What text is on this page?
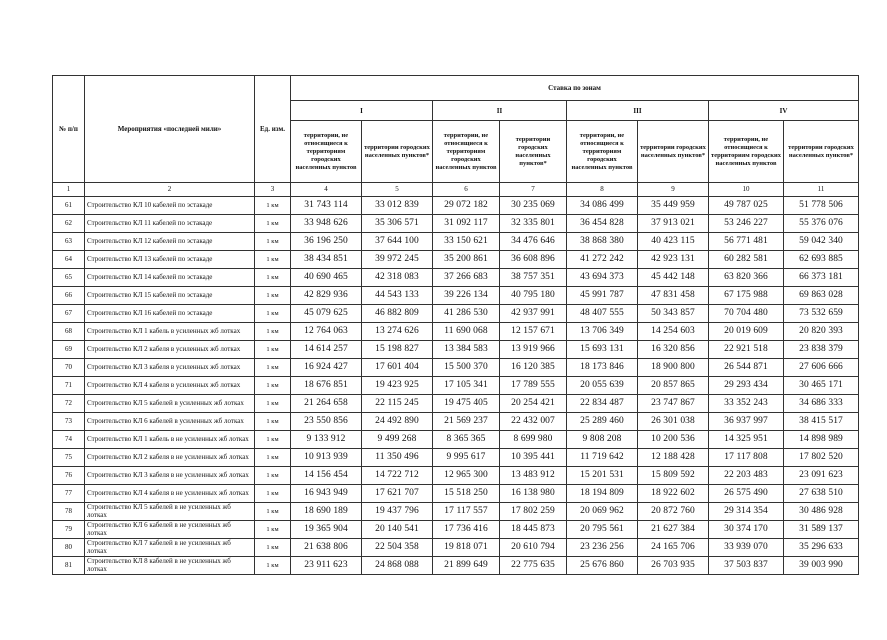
№ п/п	Мероприятия «последней мили»	Ед. изм.	Ставка по зонам							
			I		II		III		IV	
			территории, не относящиеся к территориям городских населенных пунктов	территории городских населенных пунктов*	территории, не относящиеся к территориям городских населенных пунктов	территории городских населенных пунктов*	территории, не относящиеся к территориям городских населенных пунктов	территории городских населенных пунктов*	территории, не относящиеся к территориям городских населенных пунктов	территории городских населенных пунктов*
1	2	3	4	5	6	7	8	9	10	11
61	Строительство КЛ 10 кабелей по эстакаде	1 км	31 743 114	33 012 839	29 072 182	30 235 069	34 086 499	35 449 959	49 787 025	51 778 506
62	Строительство КЛ 11 кабелей по эстакаде	1 км	33 948 626	35 306 571	31 092 117	32 335 801	36 454 828	37 913 021	53 246 227	55 376 076
63	Строительство КЛ 12 кабелей по эстакаде	1 км	36 196 250	37 644 100	33 150 621	34 476 646	38 868 380	40 423 115	56 771 481	59 042 340
64	Строительство КЛ 13 кабелей по эстакаде	1 км	38 434 851	39 972 245	35 200 861	36 608 896	41 272 242	42 923 131	60 282 581	62 693 885
65	Строительство КЛ 14 кабелей по эстакаде	1 км	40 690 465	42 318 083	37 266 683	38 757 351	43 694 373	45 442 148	63 820 366	66 373 181
66	Строительство КЛ 15 кабелей по эстакаде	1 км	42 829 936	44 543 133	39 226 134	40 795 180	45 991 787	47 831 458	67 175 988	69 863 028
67	Строительство КЛ 16 кабелей по эстакаде	1 км	45 079 625	46 882 809	41 286 530	42 937 991	48 407 555	50 343 857	70 704 480	73 532 659
68	Строительство КЛ 1 кабель в усиленных жб лотках	1 км	12 764 063	13 274 626	11 690 068	12 157 671	13 706 349	14 254 603	20 019 609	20 820 393
69	Строительство КЛ 2 кабеля в усиленных жб лотках	1 км	14 614 257	15 198 827	13 384 583	13 919 966	15 693 131	16 320 856	22 921 518	23 838 379
70	Строительство КЛ 3 кабеля в усиленных жб лотках	1 км	16 924 427	17 601 404	15 500 370	16 120 385	18 173 846	18 900 800	26 544 871	27 606 666
71	Строительство КЛ 4 кабеля в усиленных жб лотках	1 км	18 676 851	19 423 925	17 105 341	17 789 555	20 055 639	20 857 865	29 293 434	30 465 171
72	Строительство КЛ 5 кабелей в усиленных жб лотках	1 км	21 264 658	22 115 245	19 475 405	20 254 421	22 834 487	23 747 867	33 352 243	34 686 333
73	Строительство КЛ 6 кабелей в усиленных жб лотках	1 км	23 550 856	24 492 890	21 569 237	22 432 007	25 289 460	26 301 038	36 937 997	38 415 517
74	Строительство КЛ 1 кабель в не усиленных жб лотках	1 км	9 133 912	9 499 268	8 365 365	8 699 980	9 808 208	10 200 536	14 325 951	14 898 989
75	Строительство КЛ 2 кабеля в не усиленных жб лотках	1 км	10 913 939	11 350 496	9 995 617	10 395 441	11 719 642	12 188 428	17 117 808	17 802 520
76	Строительство КЛ 3 кабеля в не усиленных жб лотках	1 км	14 156 454	14 722 712	12 965 300	13 483 912	15 201 531	15 809 592	22 203 483	23 091 623
77	Строительство КЛ 4 кабеля в не усиленных жб лотках	1 км	16 943 949	17 621 707	15 518 250	16 138 980	18 194 809	18 922 602	26 575 490	27 638 510
78	Строительство КЛ 5 кабелей в не усиленных жб лотках	1 км	18 690 189	19 437 796	17 117 557	17 802 259	20 069 962	20 872 760	29 314 354	30 486 928
79	Строительство КЛ 6 кабелей в не усиленных жб лотках	1 км	19 365 904	20 140 541	17 736 416	18 445 873	20 795 561	21 627 384	30 374 170	31 589 137
80	Строительство КЛ 7 кабелей в не усиленных жб лотках	1 км	21 638 806	22 504 358	19 818 071	20 610 794	23 236 256	24 165 706	33 939 070	35 296 633
81	Строительство КЛ 8 кабелей в не усиленных жб лотках	1 км	23 911 623	24 868 088	21 899 649	22 775 635	25 676 860	26 703 935	37 503 837	39 003 990
